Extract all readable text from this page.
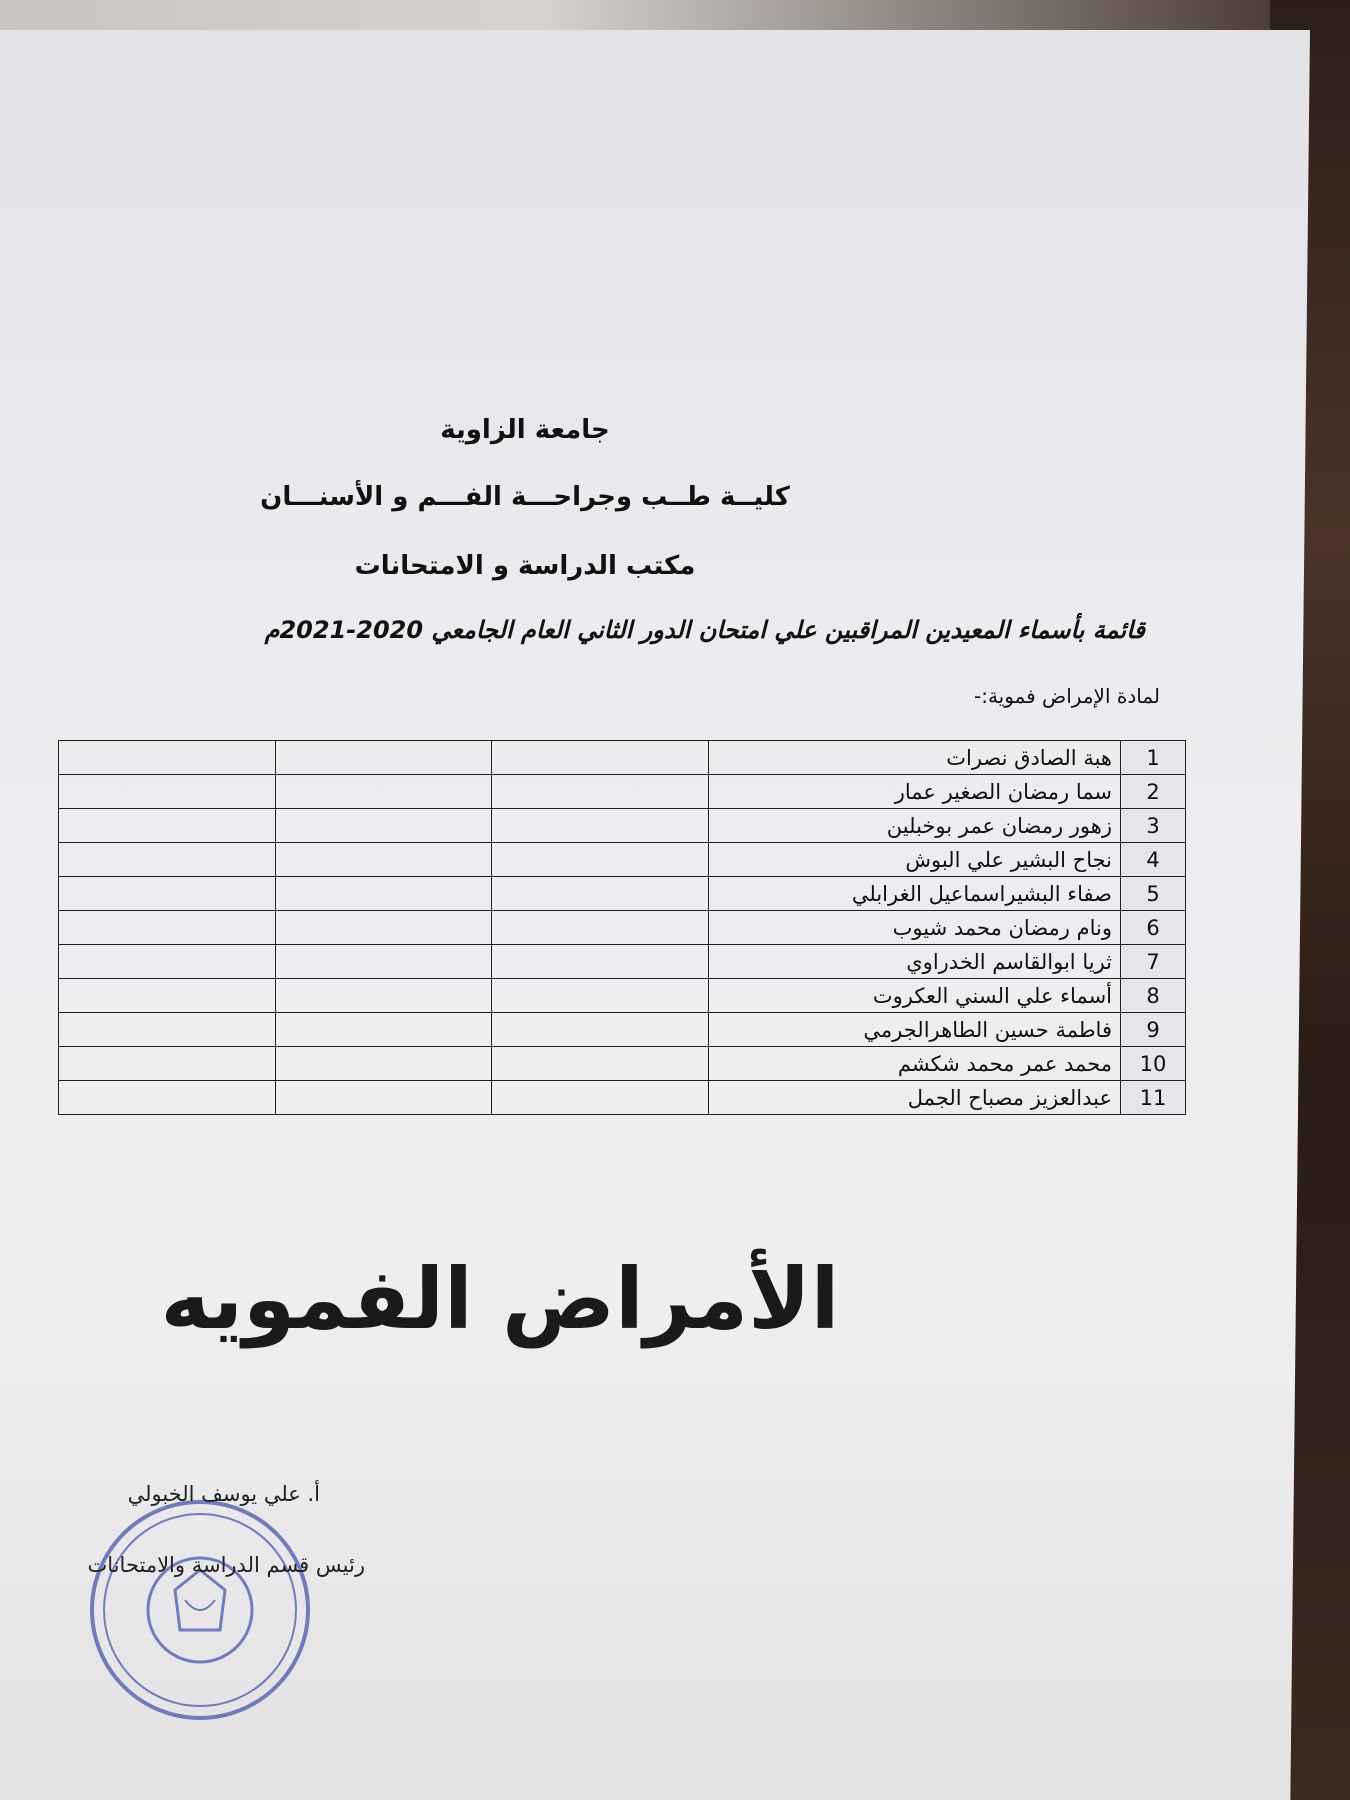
جامعة الزاوية
كليــة طــب وجراحـــة الفـــم و الأسنـــان
مكتب الدراسة و الامتحانات
قائمة بأسماء المعيدين المراقبين علي امتحان الدور الثاني العام الجامعي 2020-2021م
لمادة الإمراض فموية:-
1	هبة الصادق نصرات			
2	سما رمضان الصغير عمار			
3	زهور رمضان عمر بوخبلين			
4	نجاح البشير علي البوش			
5	صفاء البشيراسماعيل الغرابلي			
6	ونام رمضان محمد شيوب			
7	ثريا ابوالقاسم الخدراوي			
8	أسماء علي السني العكروت			
9	فاطمة حسين الطاهرالجرمي			
10	محمد عمر محمد شكشم			
11	عبدالعزيز مصباح الجمل			
الأمراض الفمويه
أ. علي يوسف الخبولي
رئيس قسم الدراسة والامتحانات
